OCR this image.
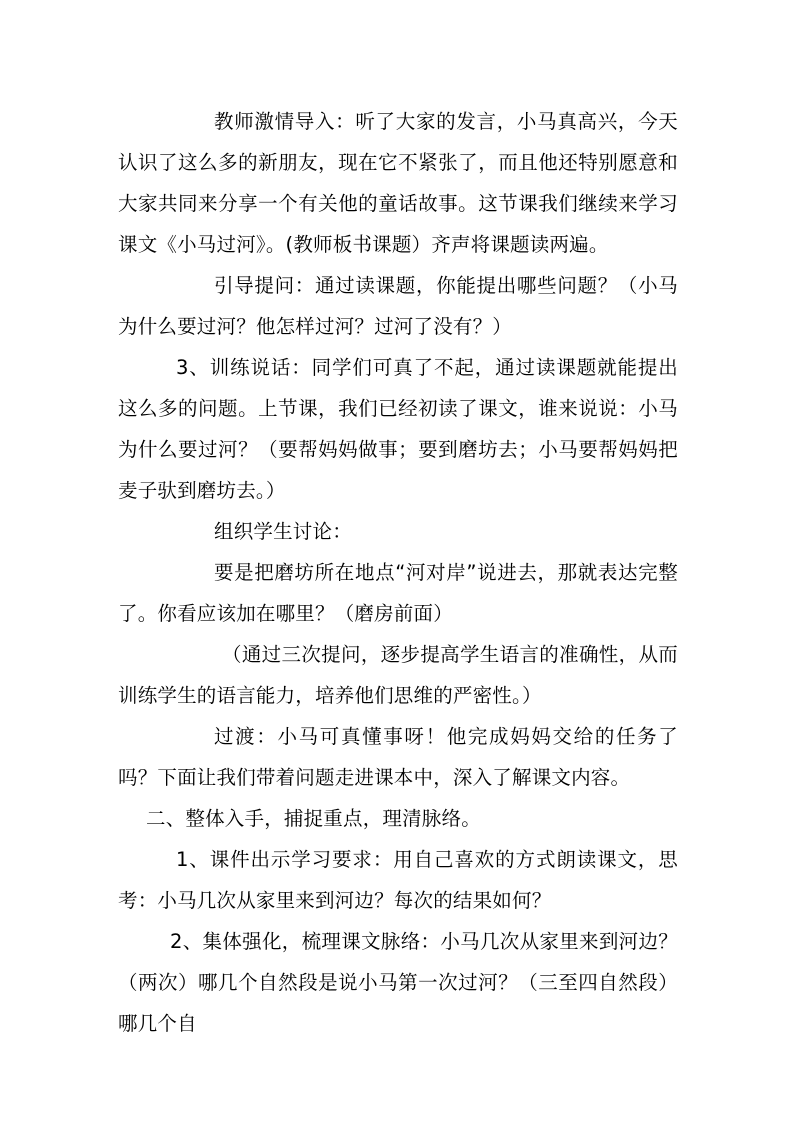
教师激情导入：听了大家的发言，小马真高兴，今天认识了这么多的新朋友，现在它不紧张了，而且他还特别愿意和大家共同来分享一个有关他的童话故事。这节课我们继续来学习课文《小马过河》。(教师板书课题）齐声将课题读两遍。

引导提问：通过读课题，你能提出哪些问题？（小马为什么要过河？他怎样过河？过河了没有？）

3、训练说话：同学们可真了不起，通过读课题就能提出这么多的问题。上节课，我们已经初读了课文，谁来说说：小马为什么要过河？（要帮妈妈做事；要到磨坊去；小马要帮妈妈把麦子驮到磨坊去。）

组织学生讨论：

要是把磨坊所在地点“河对岸”说进去，那就表达完整了。你看应该加在哪里？（磨房前面）

（通过三次提问，逐步提高学生语言的准确性，从而训练学生的语言能力，培养他们思维的严密性。）

过渡：小马可真懂事呀！他完成妈妈交给的任务了吗？下面让我们带着问题走进课本中，深入了解课文内容。

二、整体入手，捕捉重点，理清脉络。

1、课件出示学习要求：用自己喜欢的方式朗读课文，思考：小马几次从家里来到河边？每次的结果如何？

2、集体强化，梳理课文脉络：小马几次从家里来到河边？（两次）哪几个自然段是说小马第一次过河？（三至四自然段）哪几个自
